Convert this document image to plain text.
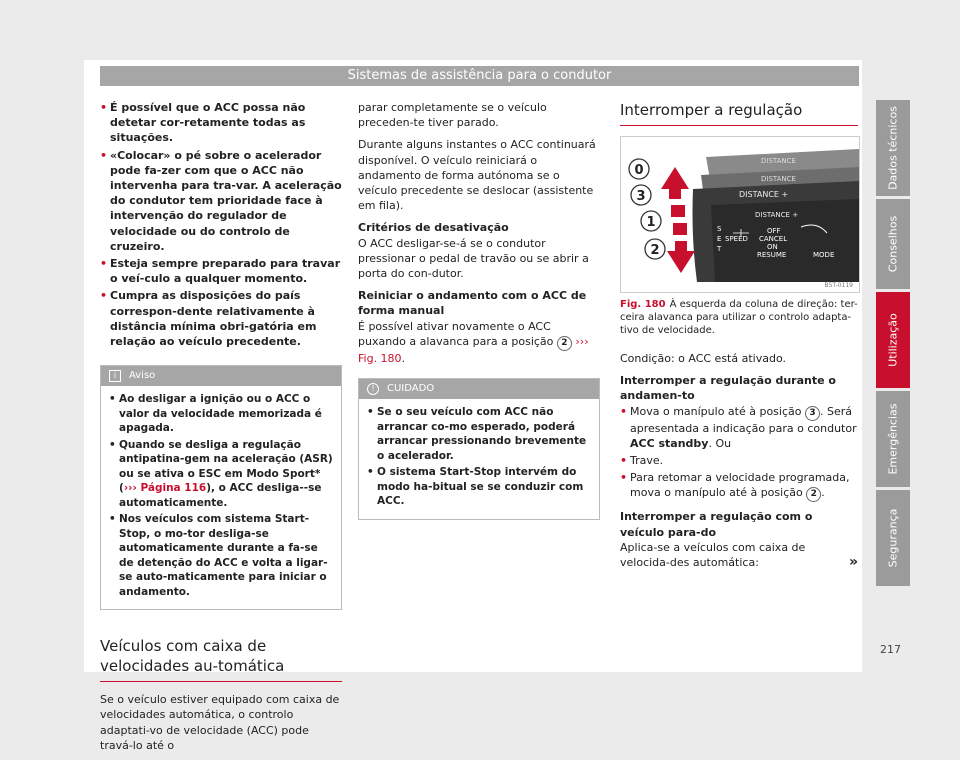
Sistemas de assistência para o condutor
• É possível que o ACC possa não detetar cor-retamente todas as situações.
• «Colocar» o pé sobre o acelerador pode fa-zer com que o ACC não intervenha para tra-var. A aceleração do condutor tem prioridade face à intervenção do regulador de velocidade ou do controlo de cruzeiro.
• Esteja sempre preparado para travar o veí-culo a qualquer momento.
• Cumpra as disposições do país correspon-dente relativamente à distância mínima obri-gatória em relação ao veículo precedente.
i Aviso
• Ao desligar a ignição ou o ACC o valor da velocidade memorizada é apagada.
• Quando se desliga a regulação antipatina-gem na aceleração (ASR) ou se ativa o ESC em Modo Sport* (››› Página 116), o ACC desliga--se automaticamente.
• Nos veículos com sistema Start-Stop, o mo-tor desliga-se automaticamente durante a fa-se de detenção do ACC e volta a ligar-se auto-maticamente para iniciar o andamento.
Veículos com caixa de velocidades au-tomática

Se o veículo estiver equipado com caixa de velocidades automática, o controlo adaptati-vo de velocidade (ACC) pode travá-lo até o

parar completamente se o veículo preceden-te tiver parado.

Durante alguns instantes o ACC continuará disponível. O veículo reiniciará o andamento de forma autónoma se o veículo precedente se deslocar (assistente em fila).

Critérios de desativação

O ACC desligar-se-á se o condutor pressionar o pedal de travão ou se abrir a porta do con-dutor.

Reiniciar o andamento com o ACC de forma manual

É possível ativar novamente o ACC puxando a alavanca para a posição 2 ››› Fig. 180.

! CUIDADO
• Se o seu veículo com ACC não arrancar co-mo esperado, poderá arrancar pressionando brevemente o acelerador.
• O sistema Start-Stop intervém do modo ha-bitual se se conduzir com ACC.
Interromper a regulação
DISTANCE
DISTANCE
DISTANCE +
DISTANCE +
S
E
T
SPEED
OFF
CANCEL
ON
RESUME	MODE
0
3
1
2
B5T-0119
Fig. 180 À esquerda da coluna de direção: ter-ceira alavanca para utilizar o controlo adapta-tivo de velocidade.

Condição: o ACC está ativado.

Interromper a regulação durante o andamen-to
• Mova o manípulo até à posição 3 . Será apresentada a indicação para o condutor ACC standby. Ou
• Trave.
• Para retomar a velocidade programada, mova o manípulo até à posição 2 .
Interromper a regulação com o veículo para-do

Aplica-se a veículos com caixa de velocida-des automática:	»

Dados técnicos
Conselhos
Utilização
Emergências
Segurança
217
